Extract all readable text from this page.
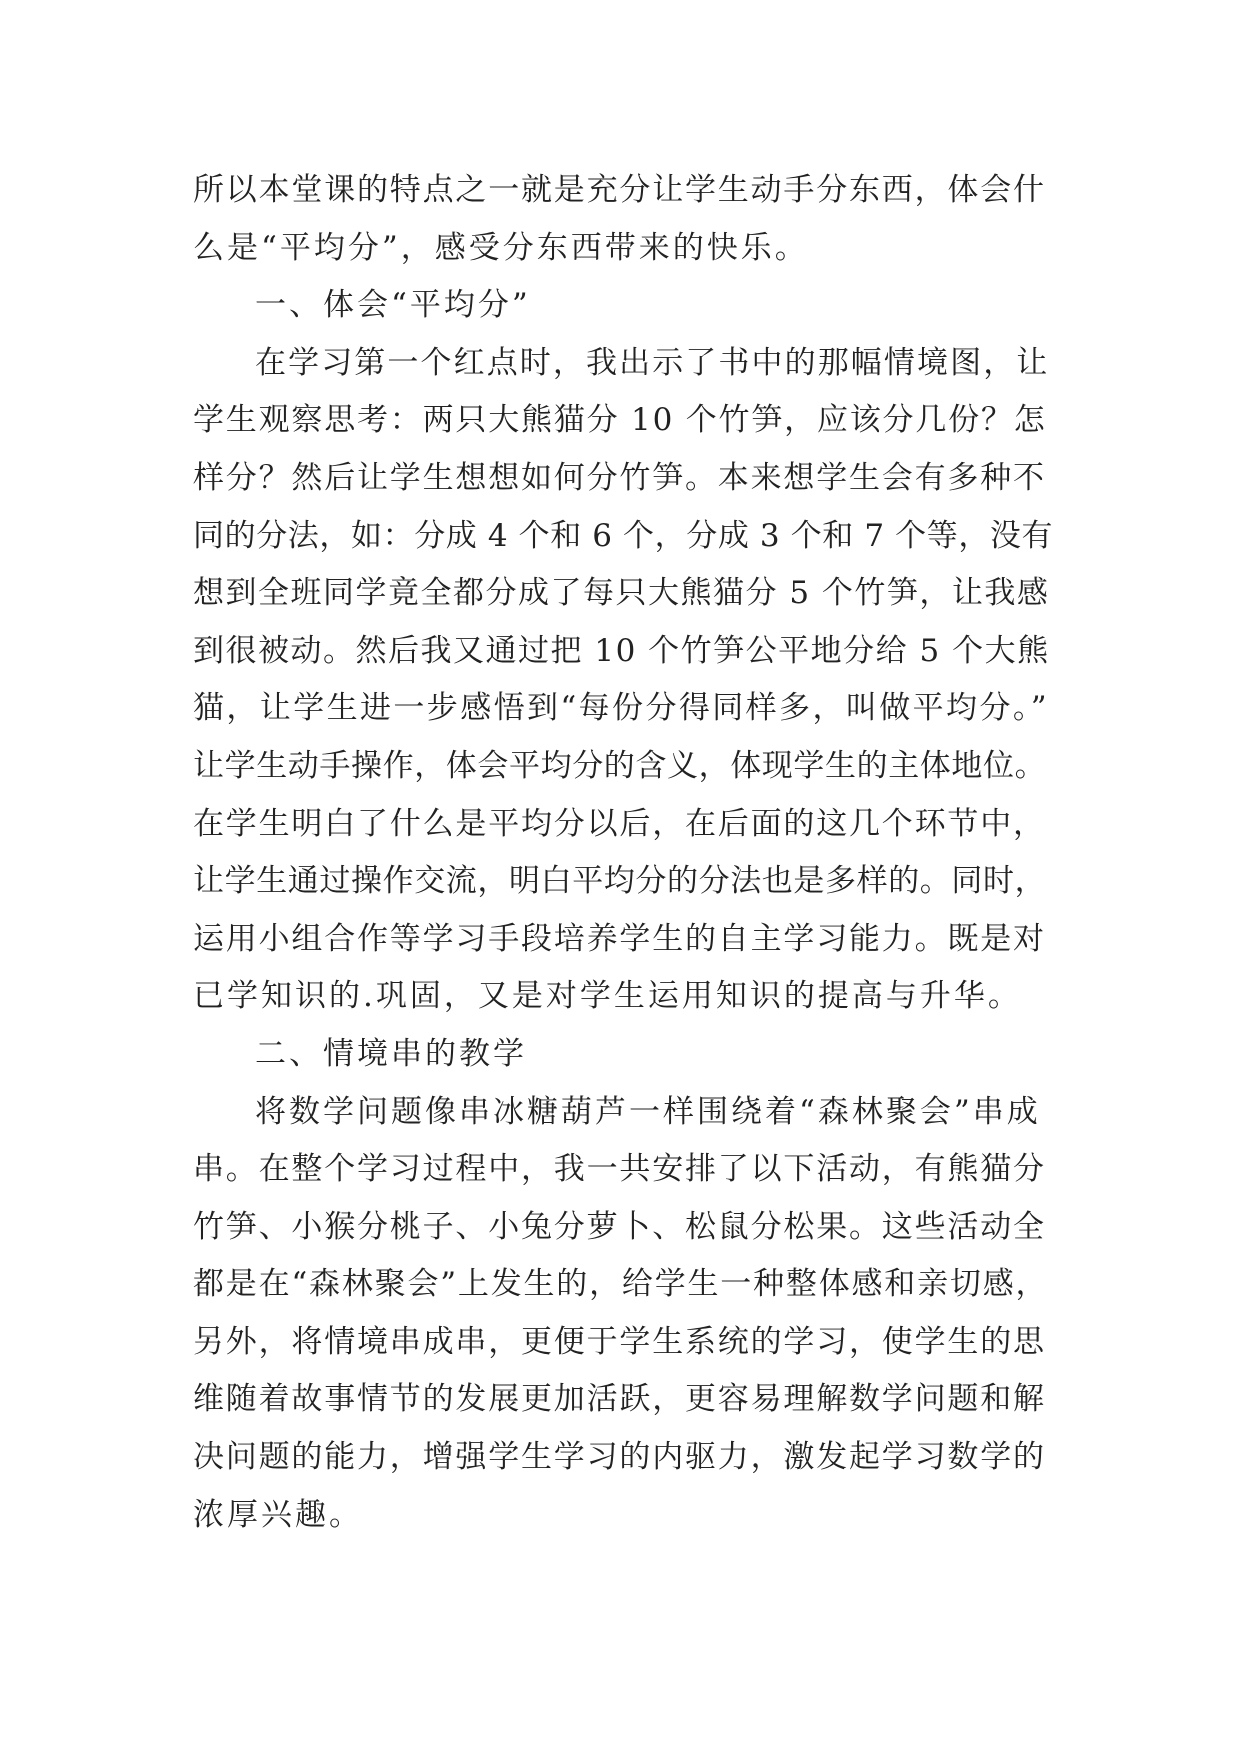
所以本堂课的特点之一就是充分让学生动手分东西，体会什
么是“平均分”，感受分东西带来的快乐。
一、体会“平均分”
在学习第一个红点时，我出示了书中的那幅情境图，让
学生观察思考：两只大熊猫分 10 个竹笋，应该分几份？怎
样分？然后让学生想想如何分竹笋。本来想学生会有多种不
同的分法，如：分成 4 个和 6 个，分成 3 个和 7 个等，没有
想到全班同学竟全都分成了每只大熊猫分 5 个竹笋，让我感
到很被动。然后我又通过把 10 个竹笋公平地分给 5 个大熊
猫，让学生进一步感悟到“每份分得同样多，叫做平均分。”
让学生动手操作，体会平均分的含义，体现学生的主体地位。
在学生明白了什么是平均分以后，在后面的这几个环节中，
让学生通过操作交流，明白平均分的分法也是多样的。同时，
运用小组合作等学习手段培养学生的自主学习能力。既是对
已学知识的.巩固，又是对学生运用知识的提高与升华。
二、情境串的教学
将数学问题像串冰糖葫芦一样围绕着“森林聚会”串成
串。在整个学习过程中，我一共安排了以下活动，有熊猫分
竹笋、小猴分桃子、小兔分萝卜、松鼠分松果。这些活动全
都是在“森林聚会”上发生的，给学生一种整体感和亲切感，
另外，将情境串成串，更便于学生系统的学习，使学生的思
维随着故事情节的发展更加活跃，更容易理解数学问题和解
决问题的能力，增强学生学习的内驱力，激发起学习数学的
浓厚兴趣。
